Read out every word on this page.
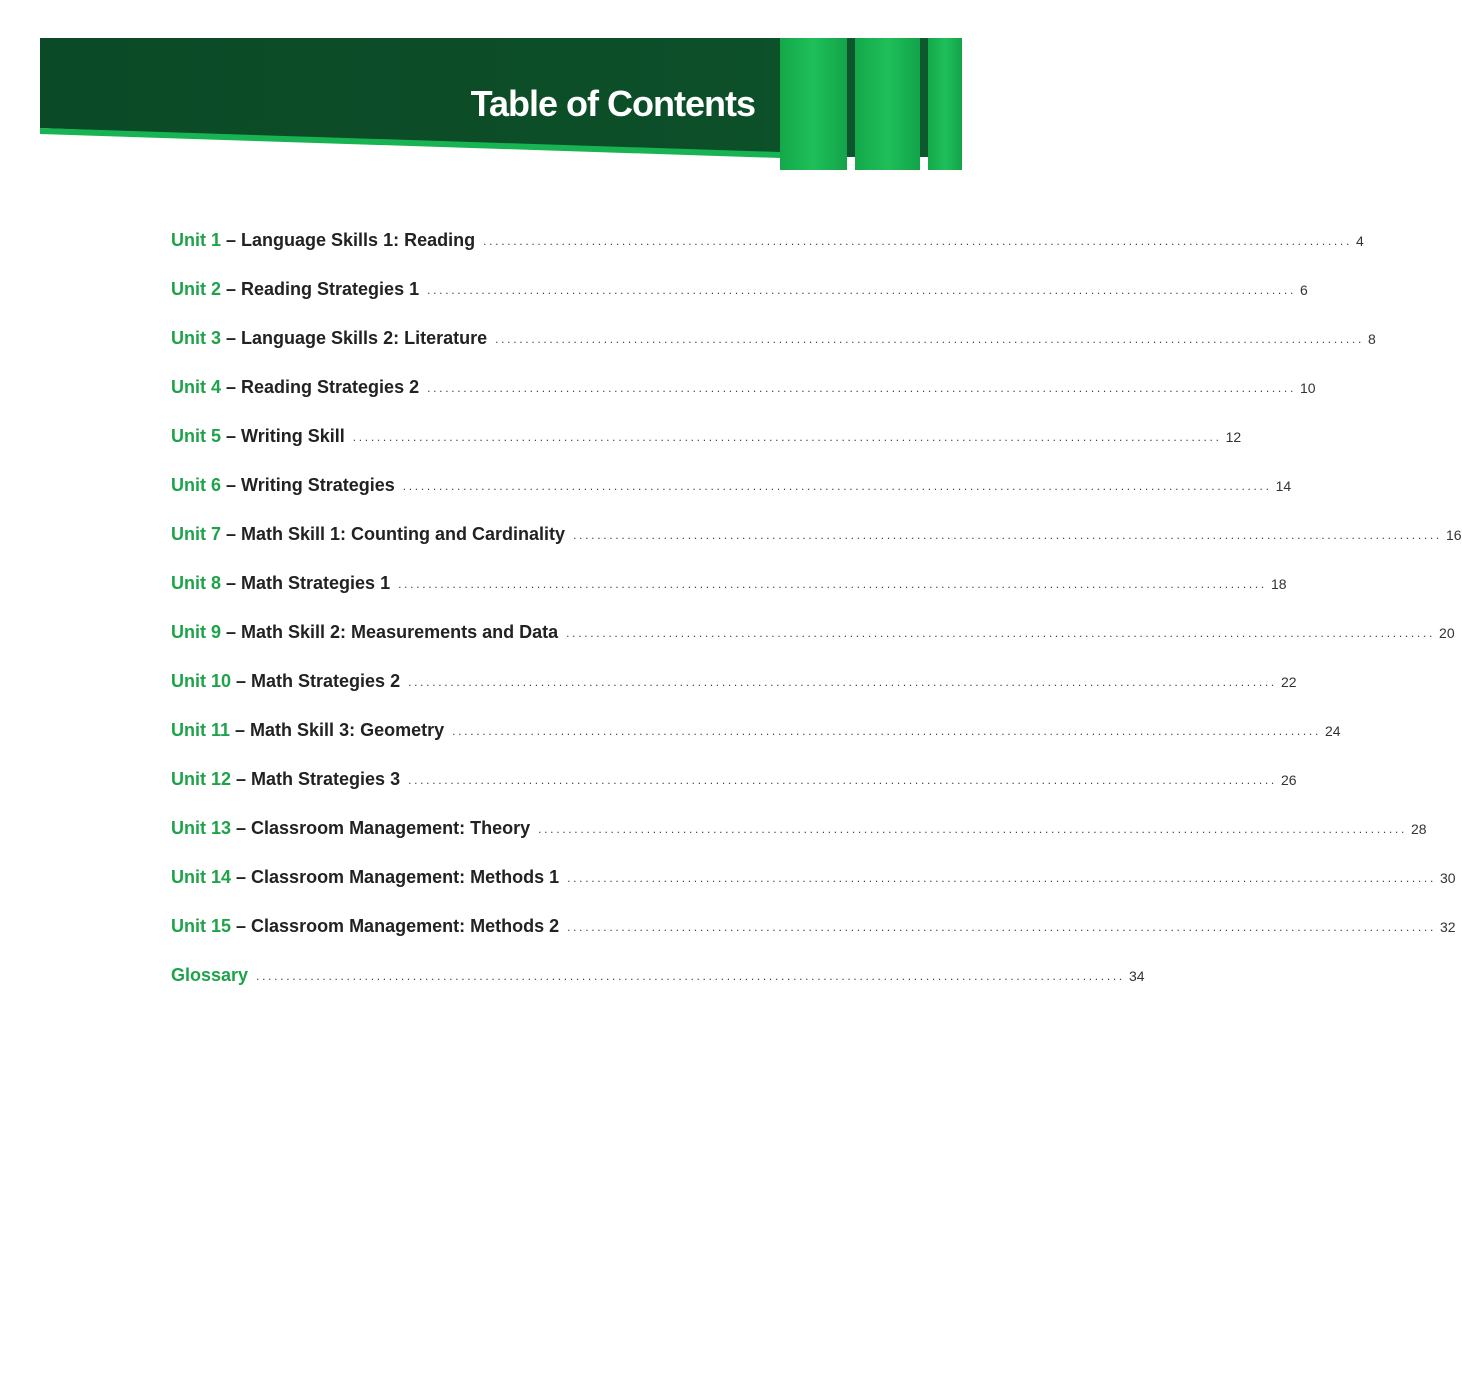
Table of Contents
Unit 1 – Language Skills 1: Reading ................................................................................................................................................ 4
Unit 2 – Reading Strategies 1 ................................................................................................................................................ 6
Unit 3 – Language Skills 2: Literature ................................................................................................................................................ 8
Unit 4 – Reading Strategies 2 ................................................................................................................................................ 10
Unit 5 – Writing Skill ................................................................................................................................................ 12
Unit 6 – Writing Strategies ................................................................................................................................................ 14
Unit 7 – Math Skill 1: Counting and Cardinality ................................................................................................................................................ 16
Unit 8 – Math Strategies 1 ................................................................................................................................................ 18
Unit 9 – Math Skill 2: Measurements and Data ................................................................................................................................................ 20
Unit 10 – Math Strategies 2 ................................................................................................................................................ 22
Unit 11 – Math Skill 3: Geometry ................................................................................................................................................ 24
Unit 12 – Math Strategies 3 ................................................................................................................................................ 26
Unit 13 – Classroom Management: Theory ................................................................................................................................................ 28
Unit 14 – Classroom Management: Methods 1 ................................................................................................................................................ 30
Unit 15 – Classroom Management: Methods 2 ................................................................................................................................................ 32
Glossary ................................................................................................................................................ 34
